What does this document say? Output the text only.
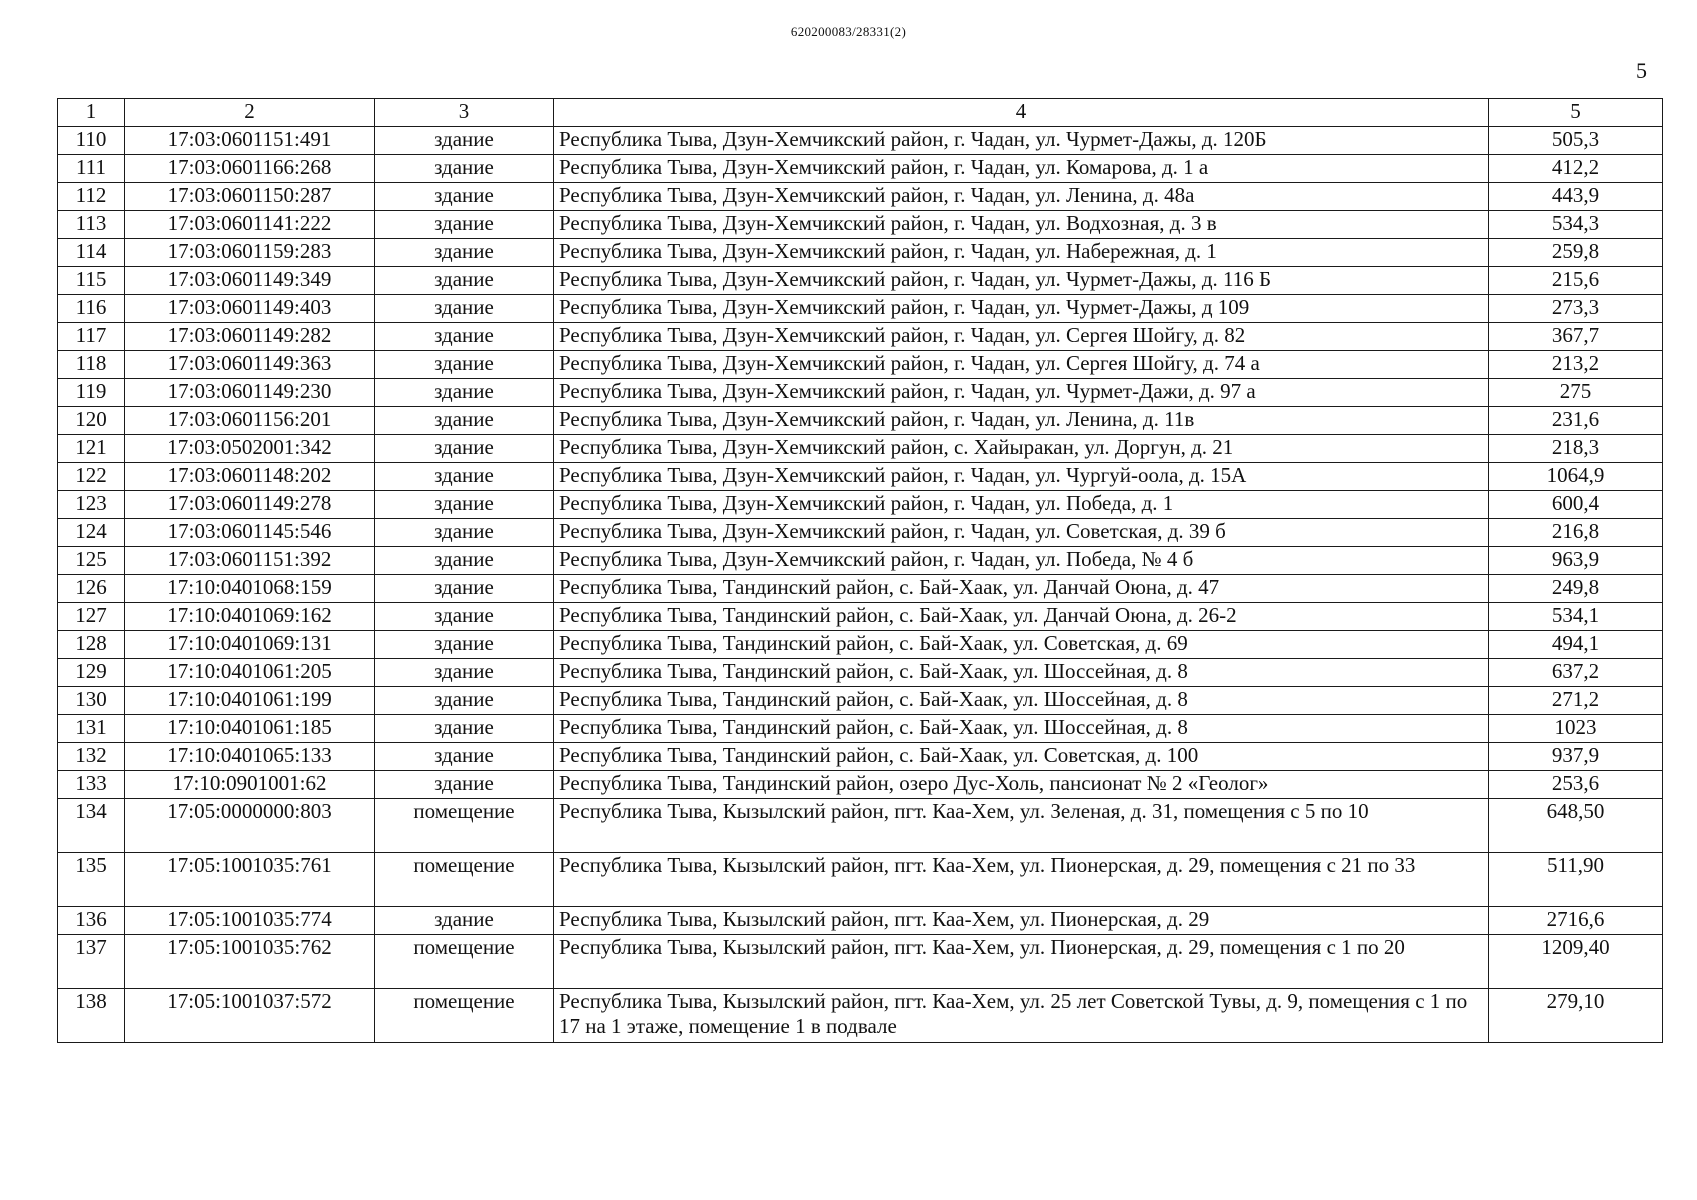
620200083/28331(2)
5
1	2	3	4	5
110	17:03:0601151:491	здание	Республика Тыва, Дзун-Хемчикский район, г. Чадан, ул. Чурмет-Дажы, д. 120Б	505,3
111	17:03:0601166:268	здание	Республика Тыва, Дзун-Хемчикский район, г. Чадан, ул. Комарова, д. 1 а	412,2
112	17:03:0601150:287	здание	Республика Тыва, Дзун-Хемчикский район, г. Чадан, ул. Ленина, д. 48а	443,9
113	17:03:0601141:222	здание	Республика Тыва, Дзун-Хемчикский район, г. Чадан, ул. Водхозная, д. 3 в	534,3
114	17:03:0601159:283	здание	Республика Тыва, Дзун-Хемчикский район, г. Чадан, ул. Набережная, д. 1	259,8
115	17:03:0601149:349	здание	Республика Тыва, Дзун-Хемчикский район, г. Чадан, ул. Чурмет-Дажы, д. 116 Б	215,6
116	17:03:0601149:403	здание	Республика Тыва, Дзун-Хемчикский район, г. Чадан, ул. Чурмет-Дажы, д 109	273,3
117	17:03:0601149:282	здание	Республика Тыва, Дзун-Хемчикский район, г. Чадан, ул. Сергея Шойгу, д. 82	367,7
118	17:03:0601149:363	здание	Республика Тыва, Дзун-Хемчикский район, г. Чадан, ул. Сергея Шойгу, д. 74 а	213,2
119	17:03:0601149:230	здание	Республика Тыва, Дзун-Хемчикский район, г. Чадан, ул. Чурмет-Дажи, д. 97 а	275
120	17:03:0601156:201	здание	Республика Тыва, Дзун-Хемчикский район, г. Чадан, ул. Ленина, д. 11в	231,6
121	17:03:0502001:342	здание	Республика Тыва, Дзун-Хемчикский район, с. Хайыракан, ул. Доргун, д. 21	218,3
122	17:03:0601148:202	здание	Республика Тыва, Дзун-Хемчикский район, г. Чадан, ул. Чургуй-оола, д. 15А	1064,9
123	17:03:0601149:278	здание	Республика Тыва, Дзун-Хемчикский район, г. Чадан, ул. Победа, д. 1	600,4
124	17:03:0601145:546	здание	Республика Тыва, Дзун-Хемчикский район, г. Чадан, ул. Советская, д. 39 б	216,8
125	17:03:0601151:392	здание	Республика Тыва, Дзун-Хемчикский район, г. Чадан, ул. Победа, № 4 б	963,9
126	17:10:0401068:159	здание	Республика Тыва, Тандинский район, с. Бай-Хаак, ул. Данчай Оюна, д. 47	249,8
127	17:10:0401069:162	здание	Республика Тыва, Тандинский район, с. Бай-Хаак, ул. Данчай Оюна, д. 26-2	534,1
128	17:10:0401069:131	здание	Республика Тыва, Тандинский район, с. Бай-Хаак, ул. Советская, д. 69	494,1
129	17:10:0401061:205	здание	Республика Тыва, Тандинский район, с. Бай-Хаак, ул. Шоссейная, д. 8	637,2
130	17:10:0401061:199	здание	Республика Тыва, Тандинский район, с. Бай-Хаак, ул. Шоссейная, д. 8	271,2
131	17:10:0401061:185	здание	Республика Тыва, Тандинский район, с. Бай-Хаак, ул. Шоссейная, д. 8	1023
132	17:10:0401065:133	здание	Республика Тыва, Тандинский район, с. Бай-Хаак, ул. Советская, д. 100	937,9
133	17:10:0901001:62	здание	Республика Тыва, Тандинский район, озеро Дус-Холь, пансионат № 2 «Геолог»	253,6
134	17:05:0000000:803	помещение	Республика Тыва, Кызылский район, пгт. Каа-Хем, ул. Зеленая, д. 31, помещения с 5 по 10	648,50
135	17:05:1001035:761	помещение	Республика Тыва, Кызылский район, пгт. Каа-Хем, ул. Пионерская, д. 29, помещения с 21 по 33	511,90
136	17:05:1001035:774	здание	Республика Тыва, Кызылский район, пгт. Каа-Хем, ул. Пионерская, д. 29	2716,6
137	17:05:1001035:762	помещение	Республика Тыва, Кызылский район, пгт. Каа-Хем, ул. Пионерская, д. 29, помещения с 1 по 20	1209,40
138	17:05:1001037:572	помещение	Республика Тыва, Кызылский район, пгт. Каа-Хем, ул. 25 лет Советской Тувы, д. 9, помещения с 1 по 17 на 1 этаже, помещение 1 в подвале	279,10
